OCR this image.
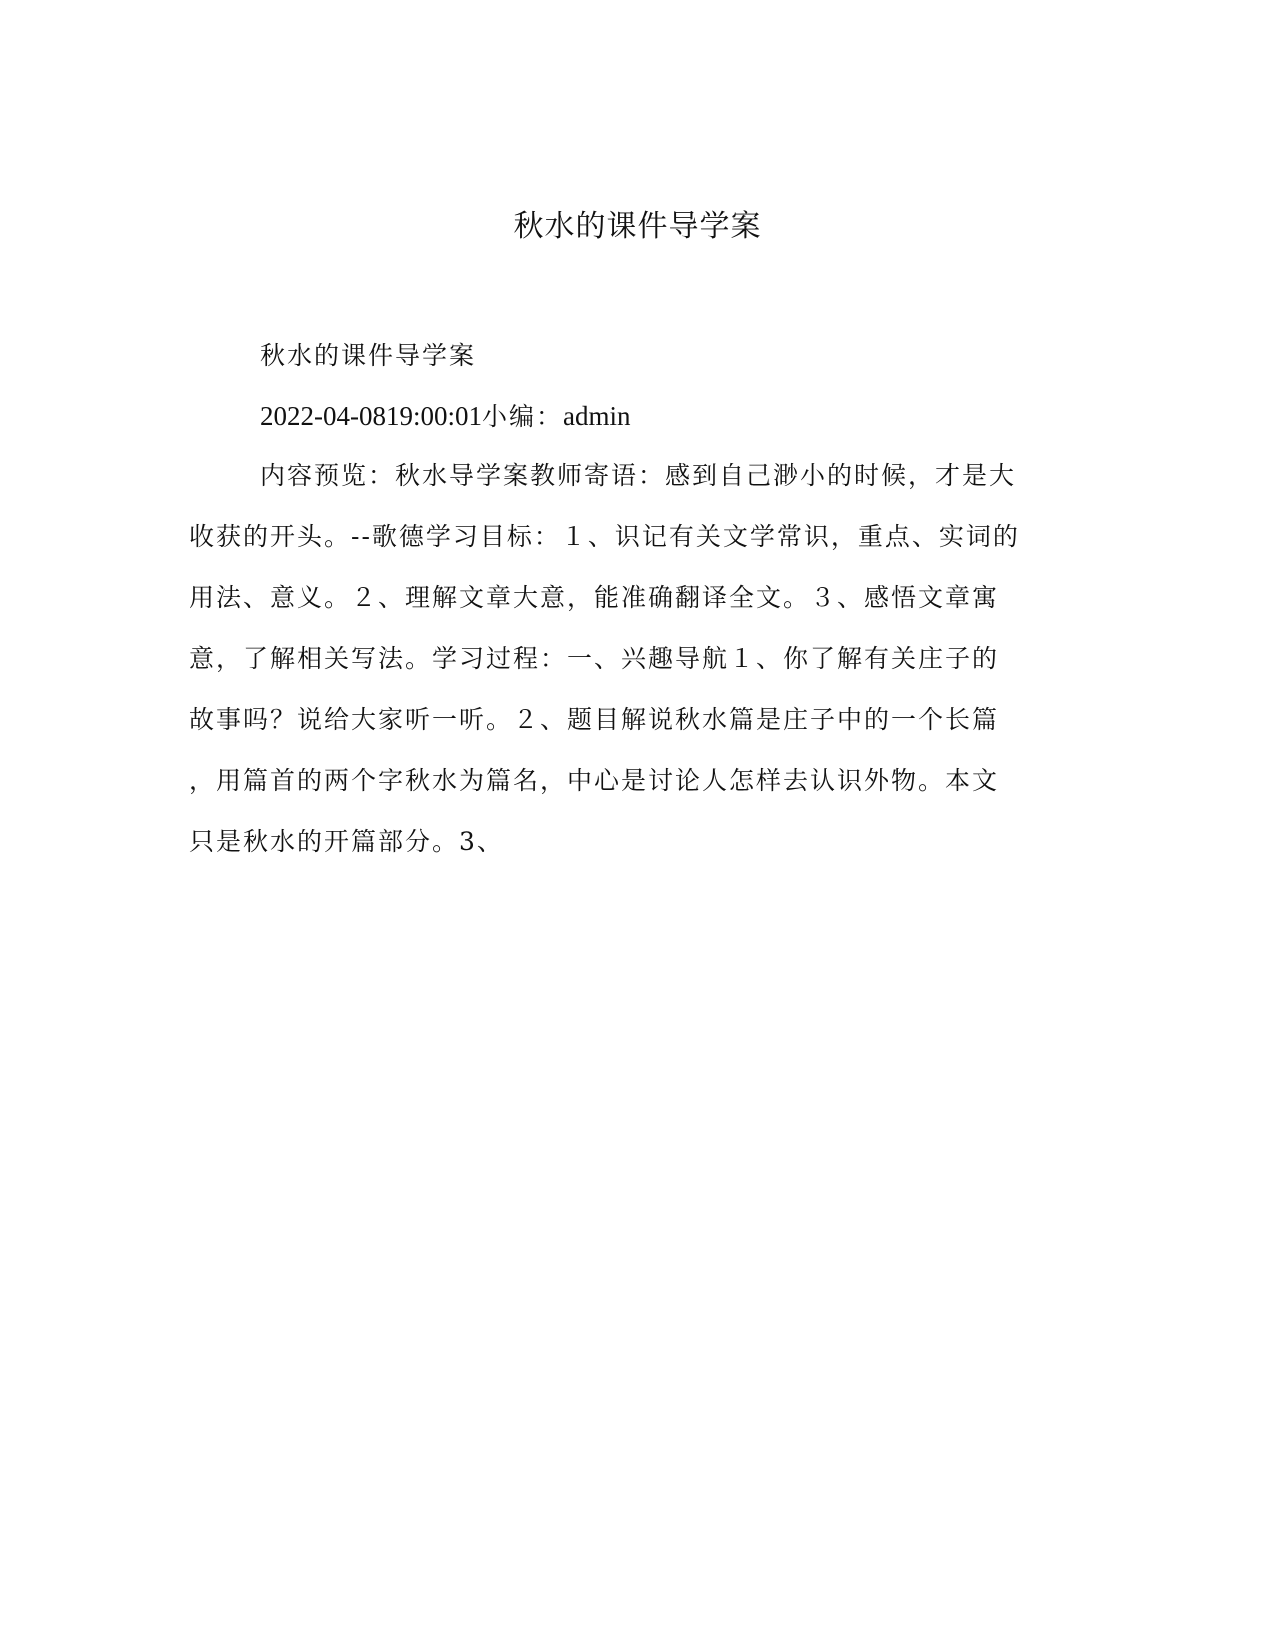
秋水的课件导学案

秋水的课件导学案

2022-04-0819:00:01小编：admin

内容预览：秋水导学案教师寄语：感到自己渺小的时候，才是大
收获的开头。--歌德学习目标：１、识记有关文学常识，重点、实词的
用法、意义。２、理解文章大意，能准确翻译全文。３、感悟文章寓
意，了解相关写法。学习过程：一、兴趣导航１、你了解有关庄子的
故事吗？说给大家听一听。２、题目解说秋水篇是庄子中的一个长篇
，用篇首的两个字秋水为篇名，中心是讨论人怎样去认识外物。本文
只是秋水的开篇部分。3、
